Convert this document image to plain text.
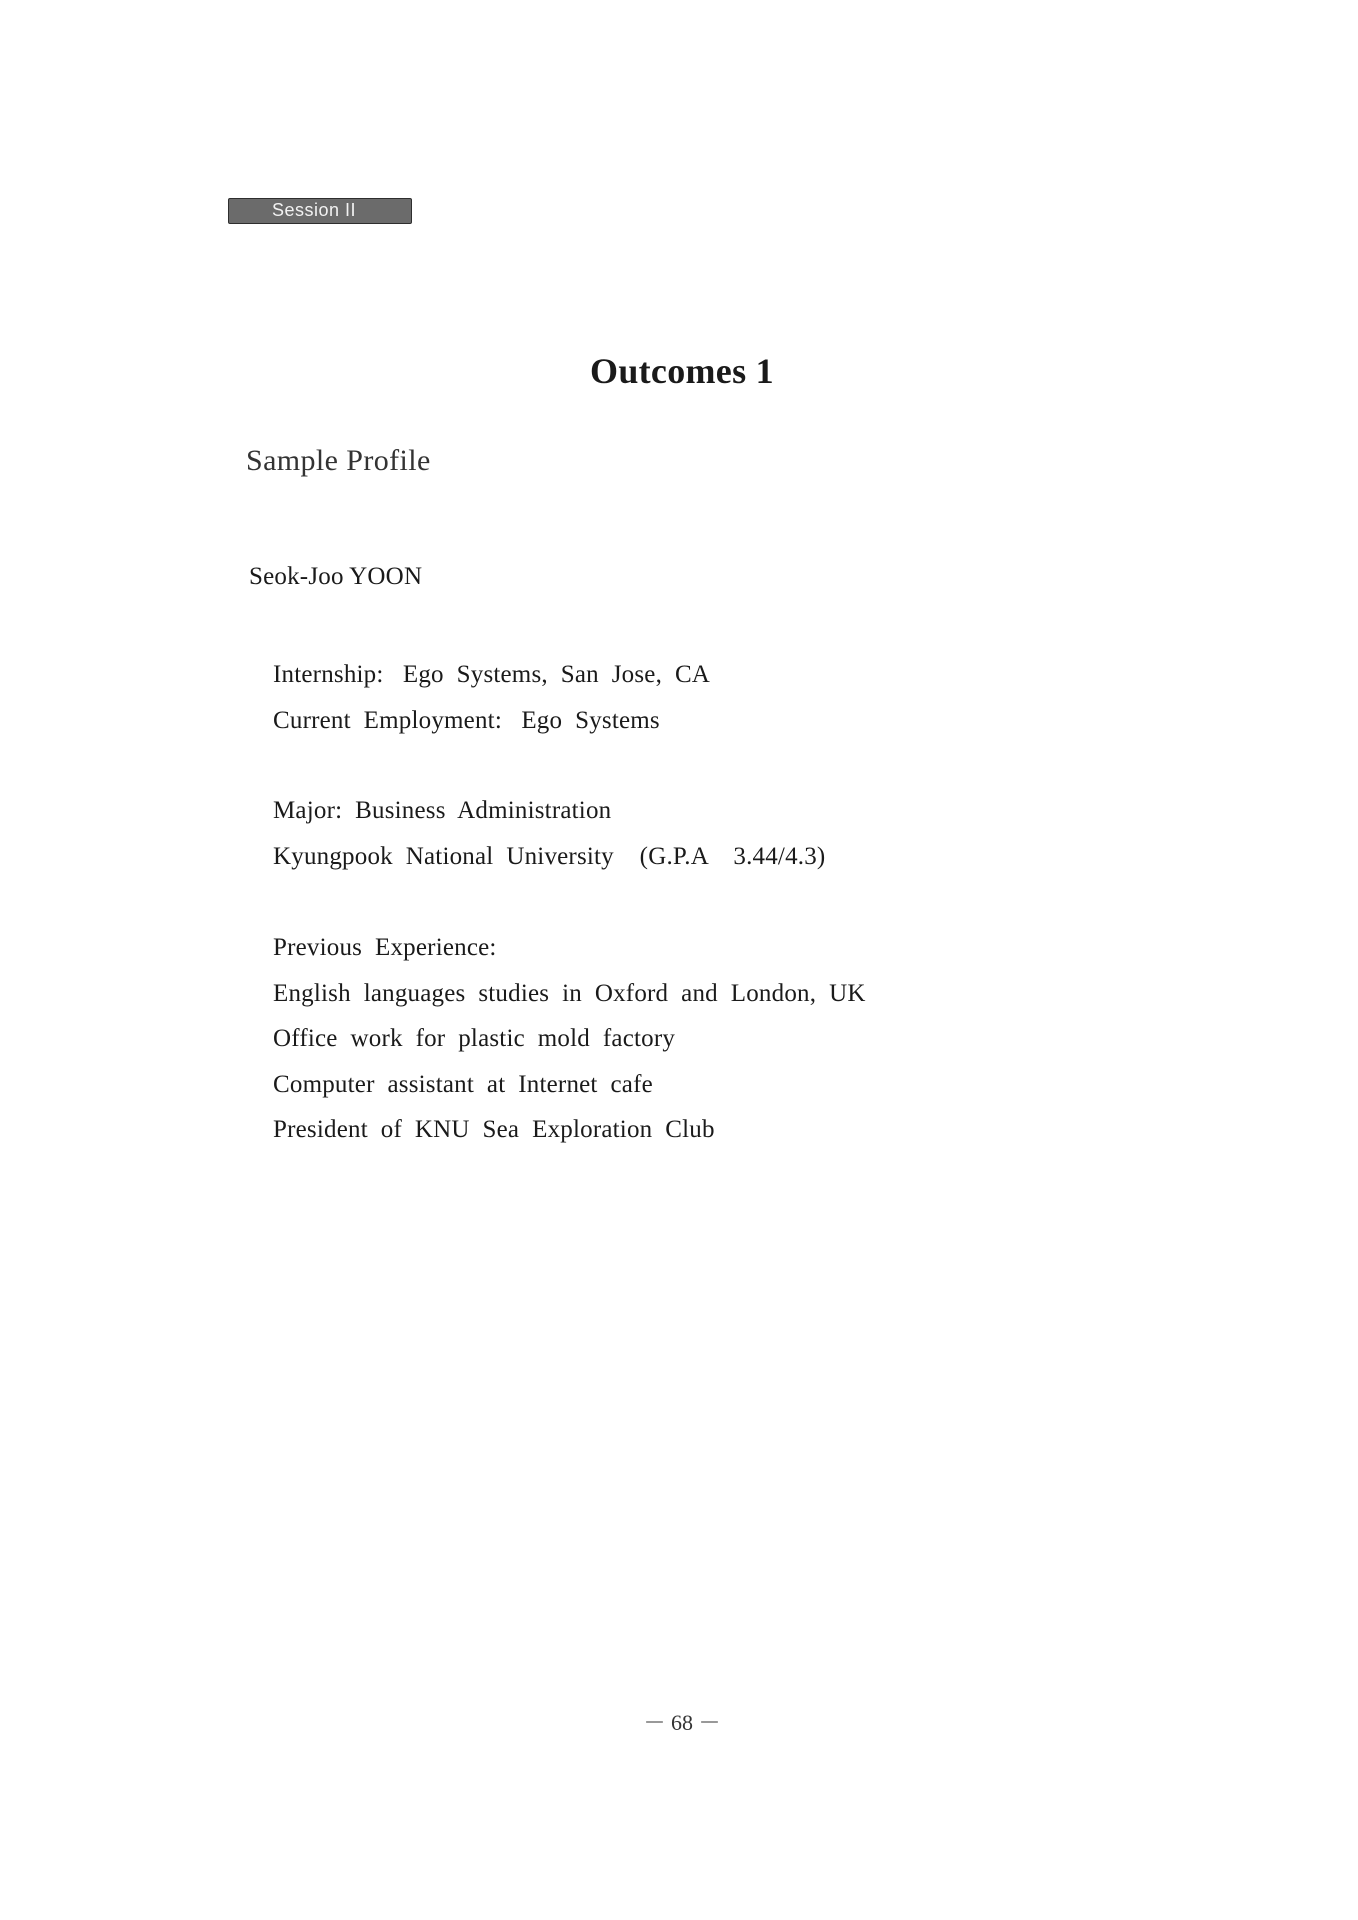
Session II
Outcomes 1
Sample Profile
Seok-Joo YOON
Internship:   Ego  Systems,  San  Jose,  CA
Current  Employment:   Ego  Systems
Major:  Business  Administration
Kyungpook  National  University    (G.P.A    3.44/4.3)
Previous  Experience:
English  languages  studies  in  Oxford  and  London,  UK
Office  work  for  plastic  mold  factory
Computer  assistant  at  Internet  cafe
President  of  KNU  Sea  Exploration  Club
－ 68 －
